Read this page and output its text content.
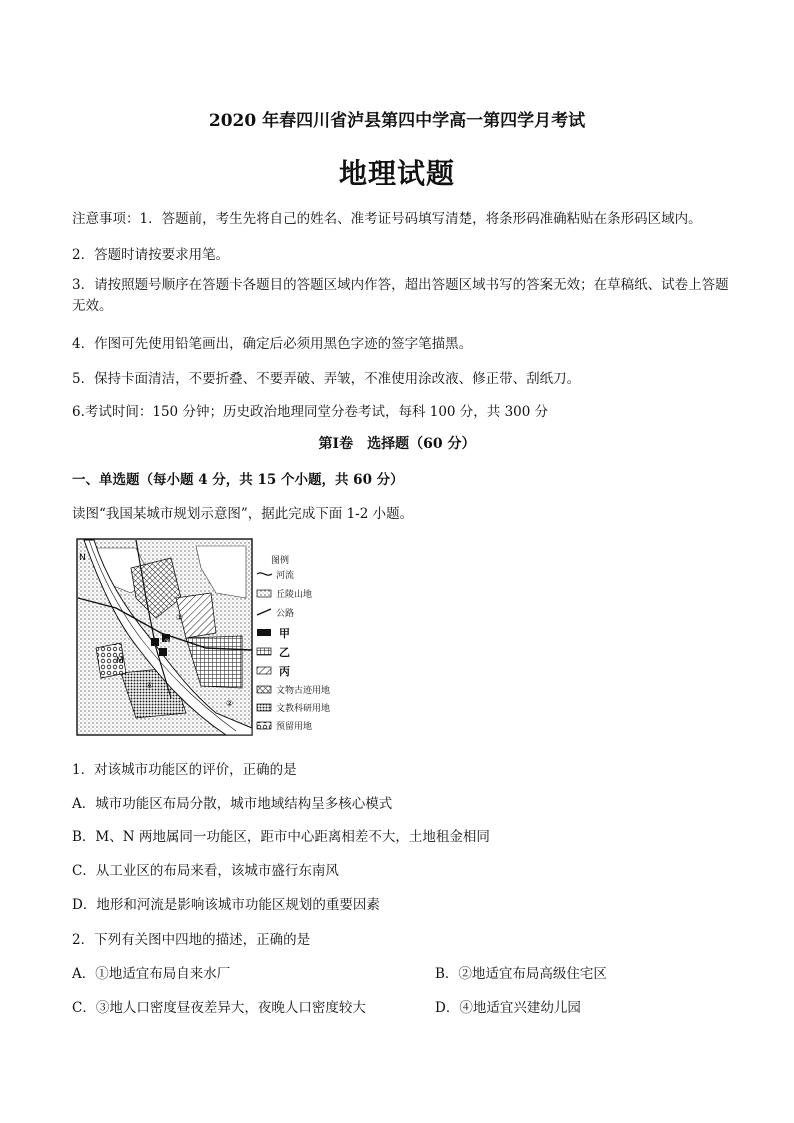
2020 年春四川省泸县第四中学高一第四学月考试
地理试题
注意事项：1．答题前，考生先将自己的姓名、准考证号码填写清楚，将条形码准确粘贴在条形码区域内。
2．答题时请按要求用笔。
3．请按照题号顺序在答题卡各题目的答题区域内作答，超出答题区域书写的答案无效；在草稿纸、试卷上答题无效。
4．作图可先使用铅笔画出，确定后必须用黑色字迹的签字笔描黑。
5．保持卡面清洁，不要折叠、不要弄破、弄皱，不准使用涂改液、修正带、刮纸刀。
6.考试时间：150 分钟；历史政治地理同堂分卷考试，每科 100 分，共 300 分
第Ⅰ卷　选择题（60 分）
一、单选题（每小题 4 分，共 15 个小题，共 60 分）
读图“我国某城市规划示意图”，据此完成下面 1-2 小题。
M
N
①
②
③
④
图例
河流
丘陵山地
公路
甲
乙
丙
文物古迹用地
文教科研用地
预留用地
1．对该城市功能区的评价，正确的是
A．城市功能区布局分散，城市地域结构呈多核心模式
B．M、N 两地属同一功能区，距市中心距离相差不大，土地租金相同
C．从工业区的布局来看，该城市盛行东南风
D．地形和河流是影响该城市功能区规划的重要因素
2．下列有关图中四地的描述，正确的是
A．①地适宜布局自来水厂	B．②地适宜布局高级住宅区
C．③地人口密度昼夜差异大，夜晚人口密度较大	D．④地适宜兴建幼儿园
